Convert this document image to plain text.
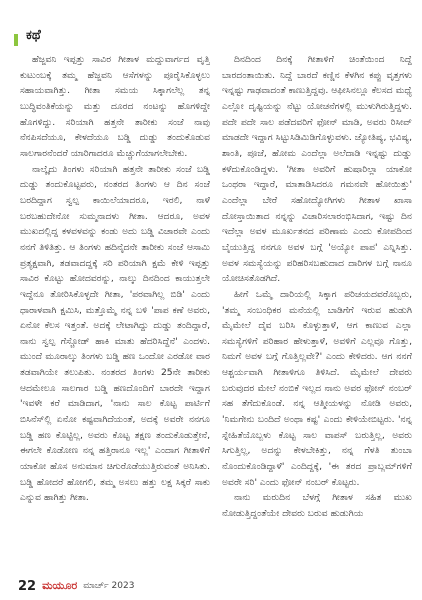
ಕಥೆ

ಹೆಜ್ಜವನಿ ಇಪ್ಪತ್ತು ಸಾವಿರ ಗೀತಾಳ ಮದ್ದುವಾರ್ಗದ ವೃತ್ತಿ ಕುಟುಂಬಕ್ಕೆ ತಮ್ಮ ಹೆಜ್ಜವನಿ ಆಸೆಗಳನ್ನು ಪೂರೈಸಿಕೊಳ್ಳಲು ಸಹಾಯವಾಗಿತ್ತು. ಗೀತಾ ಸಮಯ ಸಿಕ್ಕಾಗಲೆಲ್ಲ ತನ್ನ ಬುದ್ಧಿವಂತಿಕೆಯನ್ನು ಮತ್ತು ದೂರದ ನಂಟನ್ನು ಹೊಗಳಿದ್ದೇ ಹೊಗಳಿದ್ದು. ಸರಿಯಾಗಿ ಹತ್ತನೇ ತಾರೀಕು ಸಂಜೆ ನಾವು ನೆನಪಿಸದೆಯೂ, ಕೇಳದೆಯೂ ಬಡ್ಡಿ ದುಡ್ಡು ತಂದುಕೊಡುವ ಸಾಲಗಾರನೆಂದರೆ ಯಾರಿಗಾದರೂ ಮೆಚ್ಚುಗೆಯಾಗಲೇಬೇಕು.

ನಾಲ್ಕೈದು ತಿಂಗಳು ಸರಿಯಾಗಿ ಹತ್ತನೇ ತಾರೀಕು ಸಂಜೆ ಬಡ್ಡಿ ದುಡ್ಡು ತಂದುಕೊಟ್ಟವರು, ನಂತರದ ತಿಂಗಳು ಆ ದಿನ ಸಂಜೆ ಬರದಿದ್ದಾಗ ಸ್ವಲ್ಪ ಕಾಯಿಲೆಯಾದರೂ, ಇರಲಿ, ನಾಳೆ ಬರಬಹುದೇನೋ ಸುಮ್ಮನಾದಳು ಗೀತಾ. ಆದರೂ, ಅವಳ ಮುಖದಲ್ಲಿದ್ದ ಕಳವಳವನ್ನು ಕಂಡು ಅದು ಬಡ್ಡಿ ವಿಚಾರವೇ ಎಂದು ನನಗೆ ತಿಳಿತಿತ್ತು. ಆ ತಿಂಗಳು ಹದಿನೈದನೇ ತಾರೀಕು ಸಂಜೆ ಆಸಾಮಿ ಪ್ರತ್ಯಕ್ಷವಾಗಿ, ತಡವಾದದ್ದಕ್ಕೆ ಸರಿ ಪರಿಯಾಗಿ ಕ್ಷಮೆ ಕೇಳಿ ಇಪ್ಪತ್ತು ಸಾವಿರ ಕೊಟ್ಟು ಹೋದವರನ್ನು, ನಾಲ್ಕು ದಿನದಿಂದ ಕಾಯುತ್ತಲೇ ಇದ್ದೆನೂ ತೋರಿಸಿಕೊಳ್ಳದೇ ಗೀತಾ, 'ಪರವಾಗಿಲ್ಲ ಬಿಡಿ' ಎಂದು ಧಾರಾಳವಾಗಿ ಕ್ಷಮಿಸಿ, ಮತ್ತೊಮ್ಮೆ ನನ್ನ ಬಳಿ 'ಪಾಪ ಕಣೆ ಅವರು, ಏನೋ ಕೆಲಸ ಇತ್ತಂತೆ. ಅದಕ್ಕೆ ಲೇಟಾಗಿದ್ದು ದುಡ್ಡು ತಂದಿದ್ದಾರೆ, ನಾನು ಸ್ವಲ್ಪ ಗೆಸ್ಚೋಡ್ ಹಾಕಿ ಮಾತು ಹೆದರಿಸಿದ್ದೆನೆ' ಎಂದಳು. ಮುಂದೆ ಮೂರಾಲ್ಕು ತಿಂಗಳು ಬಡ್ಡಿ ಹಣ ಒಂದೋ ಎರಡೋ ವಾರ ತಡವಾಗಿಯೇ ತಲುಪಿತು. ನಂತರದ ತಿಂಗಳು 25ನೇ ತಾರೀಕು ಆದಮೇಲೂ ಸಾಲಗಾರ ಬಡ್ಡಿ ಹಣದೊಂದಿಗೆ ಬಾರದೇ ಇದ್ದಾಗ 'ಇವಳೇ ಕರೆ ಮಾಡಿದಾಗ, 'ನಾನು ಸಾಲ ಕೊಟ್ಟ ಪಾರ್ಟಿಗೆ ಬಿಸಿನೆಸ್‌ಲ್ಲಿ ಏನೋ ಕಷ್ಟವಾಗಿದೆಯಂತೆ, ಅದಕ್ಕೆ ಅವರೇ ನನಗೂ ಬಡ್ಡಿ ಹಣ ಕೊಟ್ಟಿಲ್ಲ, ಅವರು ಕೊಟ್ಟ ತಕ್ಷಣ ತಂದುಕೊಡುತ್ತೇನೆ, ಈಗಲೇ ಕೊಡೋಣ ನನ್ನ ಹತ್ತಿರಾನೂ ಇಲ್ಲ' ಎಂದಾಗ ಗೀತಾಳಿಗೆ ಯಾಕೋ ಹೊಸ ಅನುಮಾನ ಚಿಗುರೊಡೆಯುತ್ತಿರುವಂತೆ ಅನಿಸಿತು. ಬಡ್ಡಿ ಹೋದರೆ ಹೋಗಲಿ, ತಮ್ಮ ಅಸಲು ಹತ್ತು ಲಕ್ಷ ಸಿಕ್ಕರೆ ಸಾಕು ಎನ್ನುವ ಹಾಗಿತ್ತು ಗೀತಾ.

ದಿನದಿಂದ ದಿನಕ್ಕೆ ಗೀತಾಳಿಗೆ ಚಿಂತೆಯಿಂದ ನಿದ್ದೆ ಬಾರದಂತಾಯಿತು. ನಿದ್ದೆ ಬಾರದೆ ಕಣ್ಣಿನ ಕೆಳಗಿನ ಕಪ್ಪು ವೃತ್ತಗಳು ಇನ್ನಷ್ಟು ಗಾಢವಾದಂತೆ ಕಾಣುತ್ತಿದ್ದವು. ಆಫೀಸಿನಲ್ಲೂ ಕೆಲಸದ ಮಧ್ಯೆ ಎಲ್ಲೋ ದೃಷ್ಟಿಯನ್ನು ನೆಟ್ಟು ಯೋಚನೆಗಳಲ್ಲಿ ಮುಳುಗಿರುತ್ತಿದ್ದಳು. ಪದೇ ಪದೇ ಸಾಲ ಪಡೆದವರಿಗೆ ಫೋನ್ ಮಾಡಿ, ಅವರು ರಿಸೀವ್ ಮಾಡದೇ ಇದ್ದಾಗ ಸಿಟ್ಟುಸಿಡಿಮಿಡಿಗೊಳ್ಳುವಳು. ಜ್ಯೋತಿಷ್ಯ, ಭವಿಷ್ಯ, ಶಾಂತಿ, ಪೂಜೆ, ಹೋಮ ಎಂದೆಲ್ಲಾ ಅಲೆದಾಡಿ ಇನ್ನಷ್ಟು ದುಡ್ಡು ಕಳೆದುಕೊಂಡಿದ್ದಳು. 'ಗೀತಾ ಅವರಿಗೆ ಹುಷಾರಿಲ್ಲಾ ಯಾಕೋ ಒಂಥರಾ ಇದ್ದಾರೆ, ಮಾತಾಡಿಸಿದರೂ ಗಮನವೇ ಹೋಯಿತ್ತು' ಎಂದೆಲ್ಲಾ ಬೇರೆ ಸಹೋದ್ಯೋಗಿಗಳು ಗೀತಾಳ ಖಾಸಾ ದೋಸ್ತಾಯಿತಾದ ನನ್ನನ್ನು ವಿಚಾರಿಸಲಾರಂಭಿಸಿದಾಗ, ಇಷ್ಟು ದಿನ ಇದೆಲ್ಲಾ ಅವಳ ಮೂರ್ಖತನದ ಪರಿಣಾಮ ಎಂದು ಕೋಪದಿಂದ ಬೈಯುತ್ತಿದ್ದ ನನಗೂ ಅವಳ ಬಗ್ಗೆ 'ಅಯ್ಯೋ ಪಾಪ' ಎನ್ನಿಸಿತ್ತು. ಅವಳ ಸಮಸ್ಯೆಯನ್ನು ಪರಿಹರಿಸಬಹುದಾದ ದಾರಿಗಳ ಬಗ್ಗೆ ನಾನೂ ಯೋಚಿಸತೊಡಗಿದೆ.

ಹೀಗೆ ಒಮ್ಮೆ ದಾರಿಯಲ್ಲಿ ಸಿಕ್ಕಾಗ ಪರಿಚಯದವರೊಬ್ಬರು, 'ತಮ್ಮ ಸಂಬಂಧಿಕರ ಮನೆಯಲ್ಲಿ ಬಾಡಿಗೆಗೆ ಇರುವ ಹುಡುಗಿ ಮೈಮೇಲೆ ದೈವ ಬರಿಸಿ ಕೊಳ್ಳುತ್ತಾಳೆ, ಆಗ ಕಾಣುವ ಎಲ್ಲಾ ಸಮಸ್ಯೆಗಳಿಗೆ ಪರಿಹಾರ ಹೇಳುತ್ತಾಳೆ, ಅವಳಿಗೆ ಎಲ್ಲವೂ ಗೊತ್ತು, ನಿಮಗೆ ಅವಳ ಬಗ್ಗೆ ಗೊತ್ತಿಲ್ಲವೇ?' ಎಂದು ಕೇಳಿದರು. ಆಗ ನನಗೆ ಆಶ್ಚರ್ಯವಾಗಿ ಗೀತಾಳಿಗೂ ತಿಳಿಸಿದೆ. ಮೈಮೇಲೆ ದೇವರು ಬರುವುದರ ಮೇಲೆ ನಂಬಿಕೆ ಇಲ್ಲದ ನಾನು ಅವರ ಫೋನ್ ನಂಬರ್ ಸಹ ತೆಗೆದುಕೊಂಡೆ. ನನ್ನ ಆತ್ಮೀಯಳನ್ನು ನೋಡಿ ಅವರು, 'ನಿಮಗೇನು ಬಂದಿದೆ ಅಂಥಾ ಕಷ್ಟ' ಎಂದು ಕೇಳಿಯೇಬಿಟ್ಟರು. 'ನನ್ನ ಸ್ನೇಹಿತೆಯೊಬ್ಬಳು ಕೊಟ್ಟ ಸಾಲ ವಾಪಸ್ ಬರುತ್ತಿಲ್ಲ, ಅವರು ಸಿಗುತ್ತಿಲ್ಲ, ಅದನ್ನು ಕೇಳಬೇಕಿತ್ತು, ನನ್ನ ಗೆಳತಿ ತುಂಬಾ ನೊಂದುಕೊಂಡಿದ್ದಾಳೆ' ಎಂದಿದ್ದಕ್ಕೆ, 'ಈ ತರದ ಪ್ರಾಬ್ಲಮ್‌ಗಳಿಗೆ ಅವರೇ ಸರಿ' ಎಂದು ಫೋನ್ ನಂಬರ್ ಕೊಟ್ಟರು.

ನಾನು ಮರುದಿನ ಬೆಳಗ್ಗೆ ಗೀತಾಳ ಸಹಿತ ಮುಖ ನೋಡುತ್ತಿದ್ದಂತೆಯೇ ದೇವರು ಬರುವ ಹುಡುಗಿಯ

22 ಮಯೂರ ಮಾರ್ಚ್ 2023
